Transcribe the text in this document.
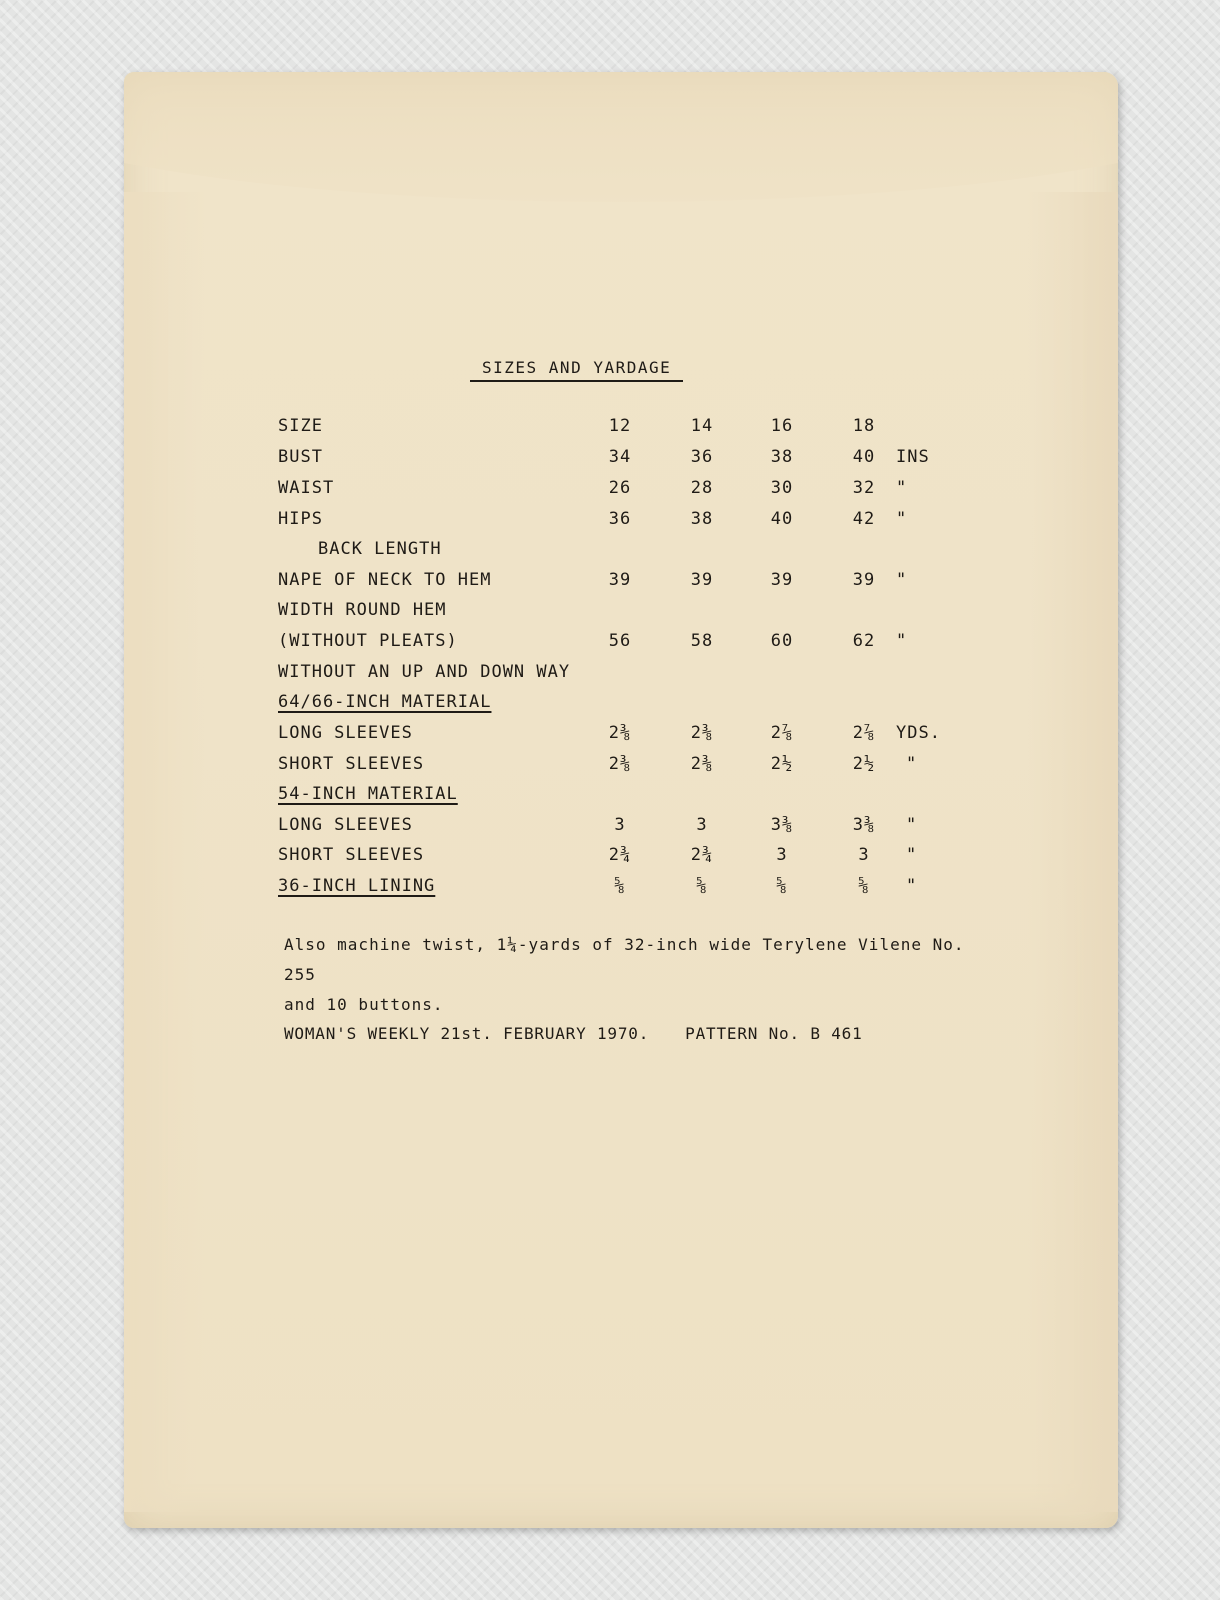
SIZES AND YARDAGE
SIZE	12	14	16	18
BUST	34	36	38	40	INS
WAIST	26	28	30	32	"
HIPS	36	38	40	42	"
BACK LENGTH
NAPE OF NECK TO HEM	39	39	39	39	"
WIDTH ROUND HEM
(WITHOUT PLEATS)	56	58	60	62	"
WITHOUT AN UP AND DOWN WAY
64/66-INCH MATERIAL
LONG SLEEVES	2⅜	2⅜	2⅞	2⅞	YDS.
SHORT SLEEVES	2⅜	2⅜	2½	2½	"
54-INCH MATERIAL
LONG SLEEVES	3	3	3⅜	3⅜	"
SHORT SLEEVES	2¾	2¾	3	3	"
36-INCH LINING	⅝	⅝	⅝	⅝	"
Also machine twist, 1¼-yards of 32-inch wide Terylene Vilene No. 255
and 10 buttons.
WOMAN'S WEEKLY 21st. FEBRUARY 1970. PATTERN No. B 461
